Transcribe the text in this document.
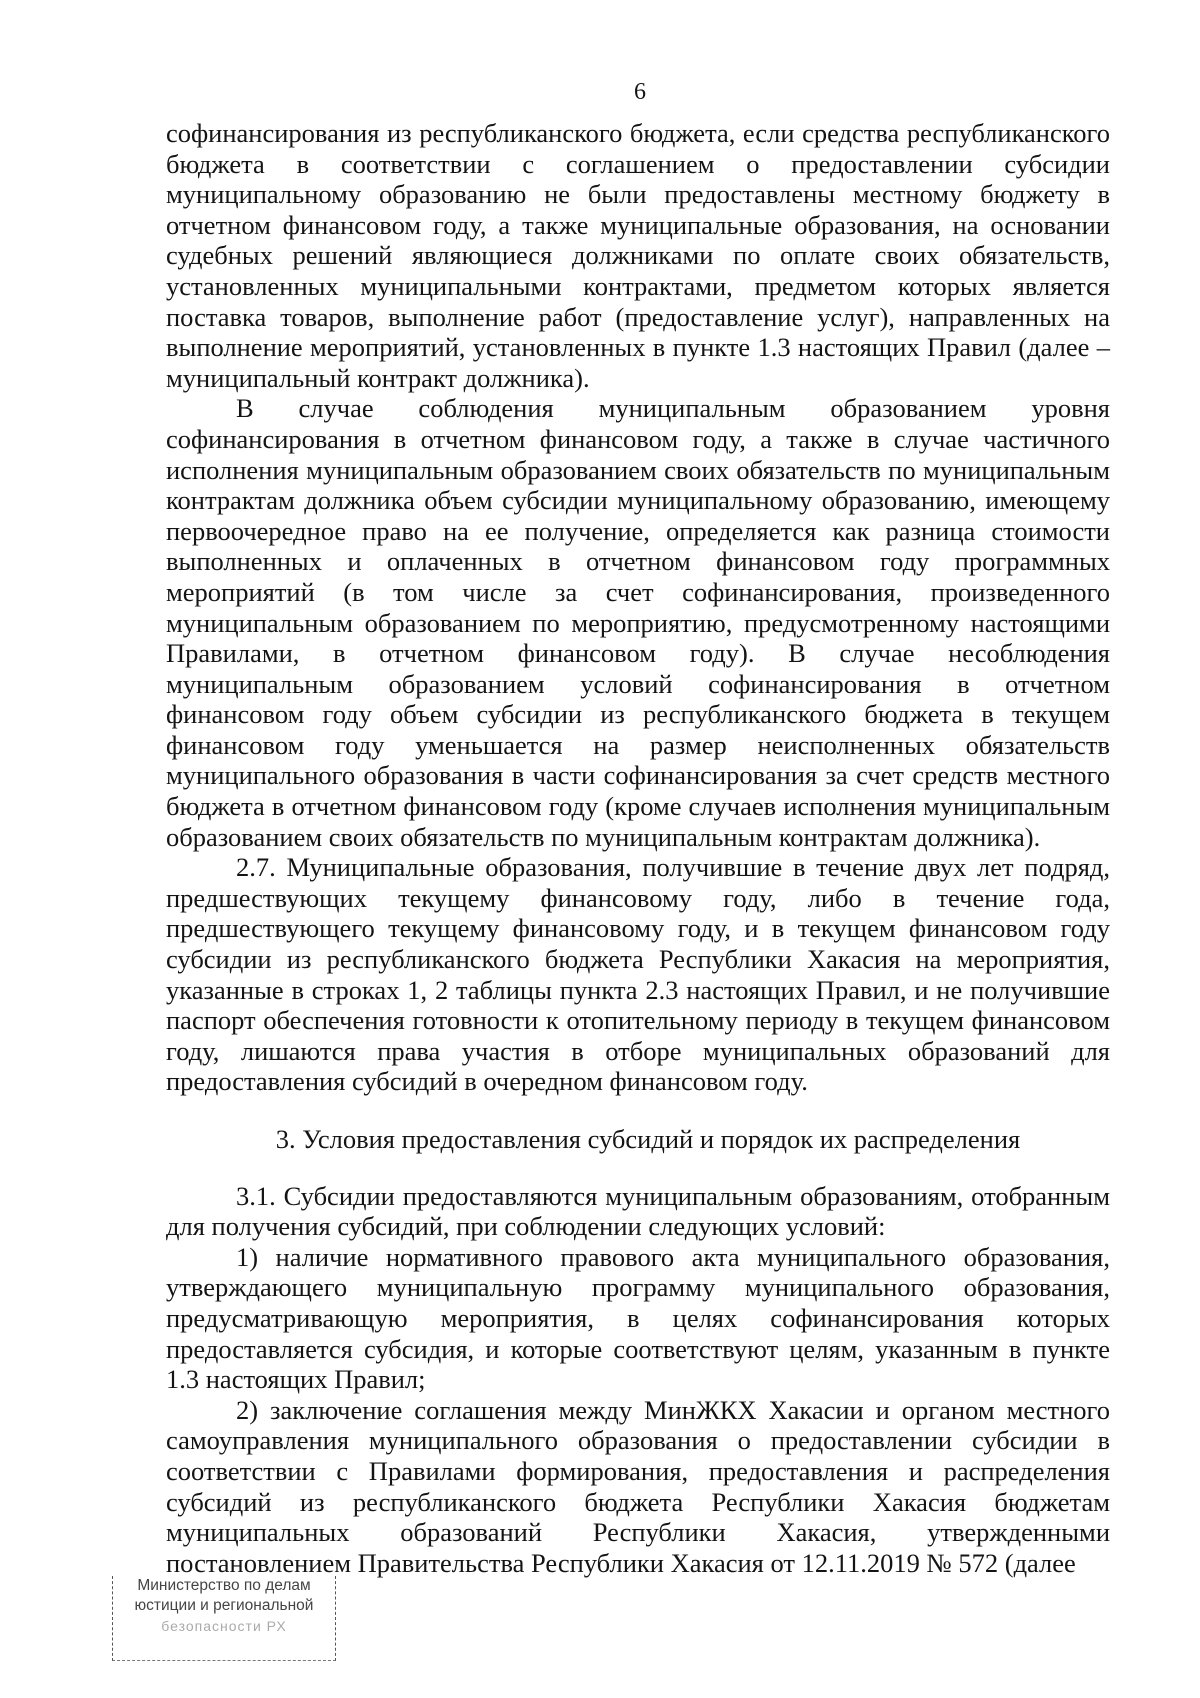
6

софинансирования из республиканского бюджета, если средства республиканского бюджета в соответствии с соглашением о предоставлении субсидии муниципальному образованию не были предоставлены местному бюджету в отчетном финансовом году, а также муниципальные образования, на основании судебных решений являющиеся должниками по оплате своих обязательств, установленных муниципальными контрактами, предметом которых является поставка товаров, выполнение работ (предоставление услуг), направленных на выполнение мероприятий, установленных в пункте 1.3 настоящих Правил (далее – муниципальный контракт должника).

В случае соблюдения муниципальным образованием уровня софинансирования в отчетном финансовом году, а также в случае частичного исполнения муниципальным образованием своих обязательств по муниципальным контрактам должника объем субсидии муниципальному образованию, имеющему первоочередное право на ее получение, определяется как разница стоимости выполненных и оплаченных в отчетном финансовом году программных мероприятий (в том числе за счет софинансирования, произведенного муниципальным образованием по мероприятию, предусмотренному настоящими Правилами, в отчетном финансовом году). В случае несоблюдения муниципальным образованием условий софинансирования в отчетном финансовом году объем субсидии из республиканского бюджета в текущем финансовом году уменьшается на размер неисполненных обязательств муниципального образования в части софинансирования за счет средств местного бюджета в отчетном финансовом году (кроме случаев исполнения муниципальным образованием своих обязательств по муниципальным контрактам должника).

2.7. Муниципальные образования, получившие в течение двух лет подряд, предшествующих текущему финансовому году, либо в течение года, предшествующего текущему финансовому году, и в текущем финансовом году субсидии из республиканского бюджета Республики Хакасия на мероприятия, указанные в строках 1, 2 таблицы пункта 2.3 настоящих Правил, и не получившие паспорт обеспечения готовности к отопительному периоду в текущем финансовом году, лишаются права участия в отборе муниципальных образований для предоставления субсидий в очередном финансовом году.

3. Условия предоставления субсидий и порядок их распределения

3.1. Субсидии предоставляются муниципальным образованиям, отобранным для получения субсидий, при соблюдении следующих условий:

1) наличие нормативного правового акта муниципального образования, утверждающего муниципальную программу муниципального образования, предусматривающую мероприятия, в целях софинансирования которых предоставляется субсидия, и которые соответствуют целям, указанным в пункте 1.3 настоящих Правил;

2) заключение соглашения между МинЖКХ Хакасии и органом местного самоуправления муниципального образования о предоставлении субсидии в соответствии с Правилами формирования, предоставления и распределения субсидий из республиканского бюджета Республики Хакасия бюджетам муниципальных образований Республики Хакасия, утвержденными постановлением Правительства Республики Хакасия от 12.11.2019 № 572 (далее

Министерство по делам
юстиции и региональной
безопасности РХ
